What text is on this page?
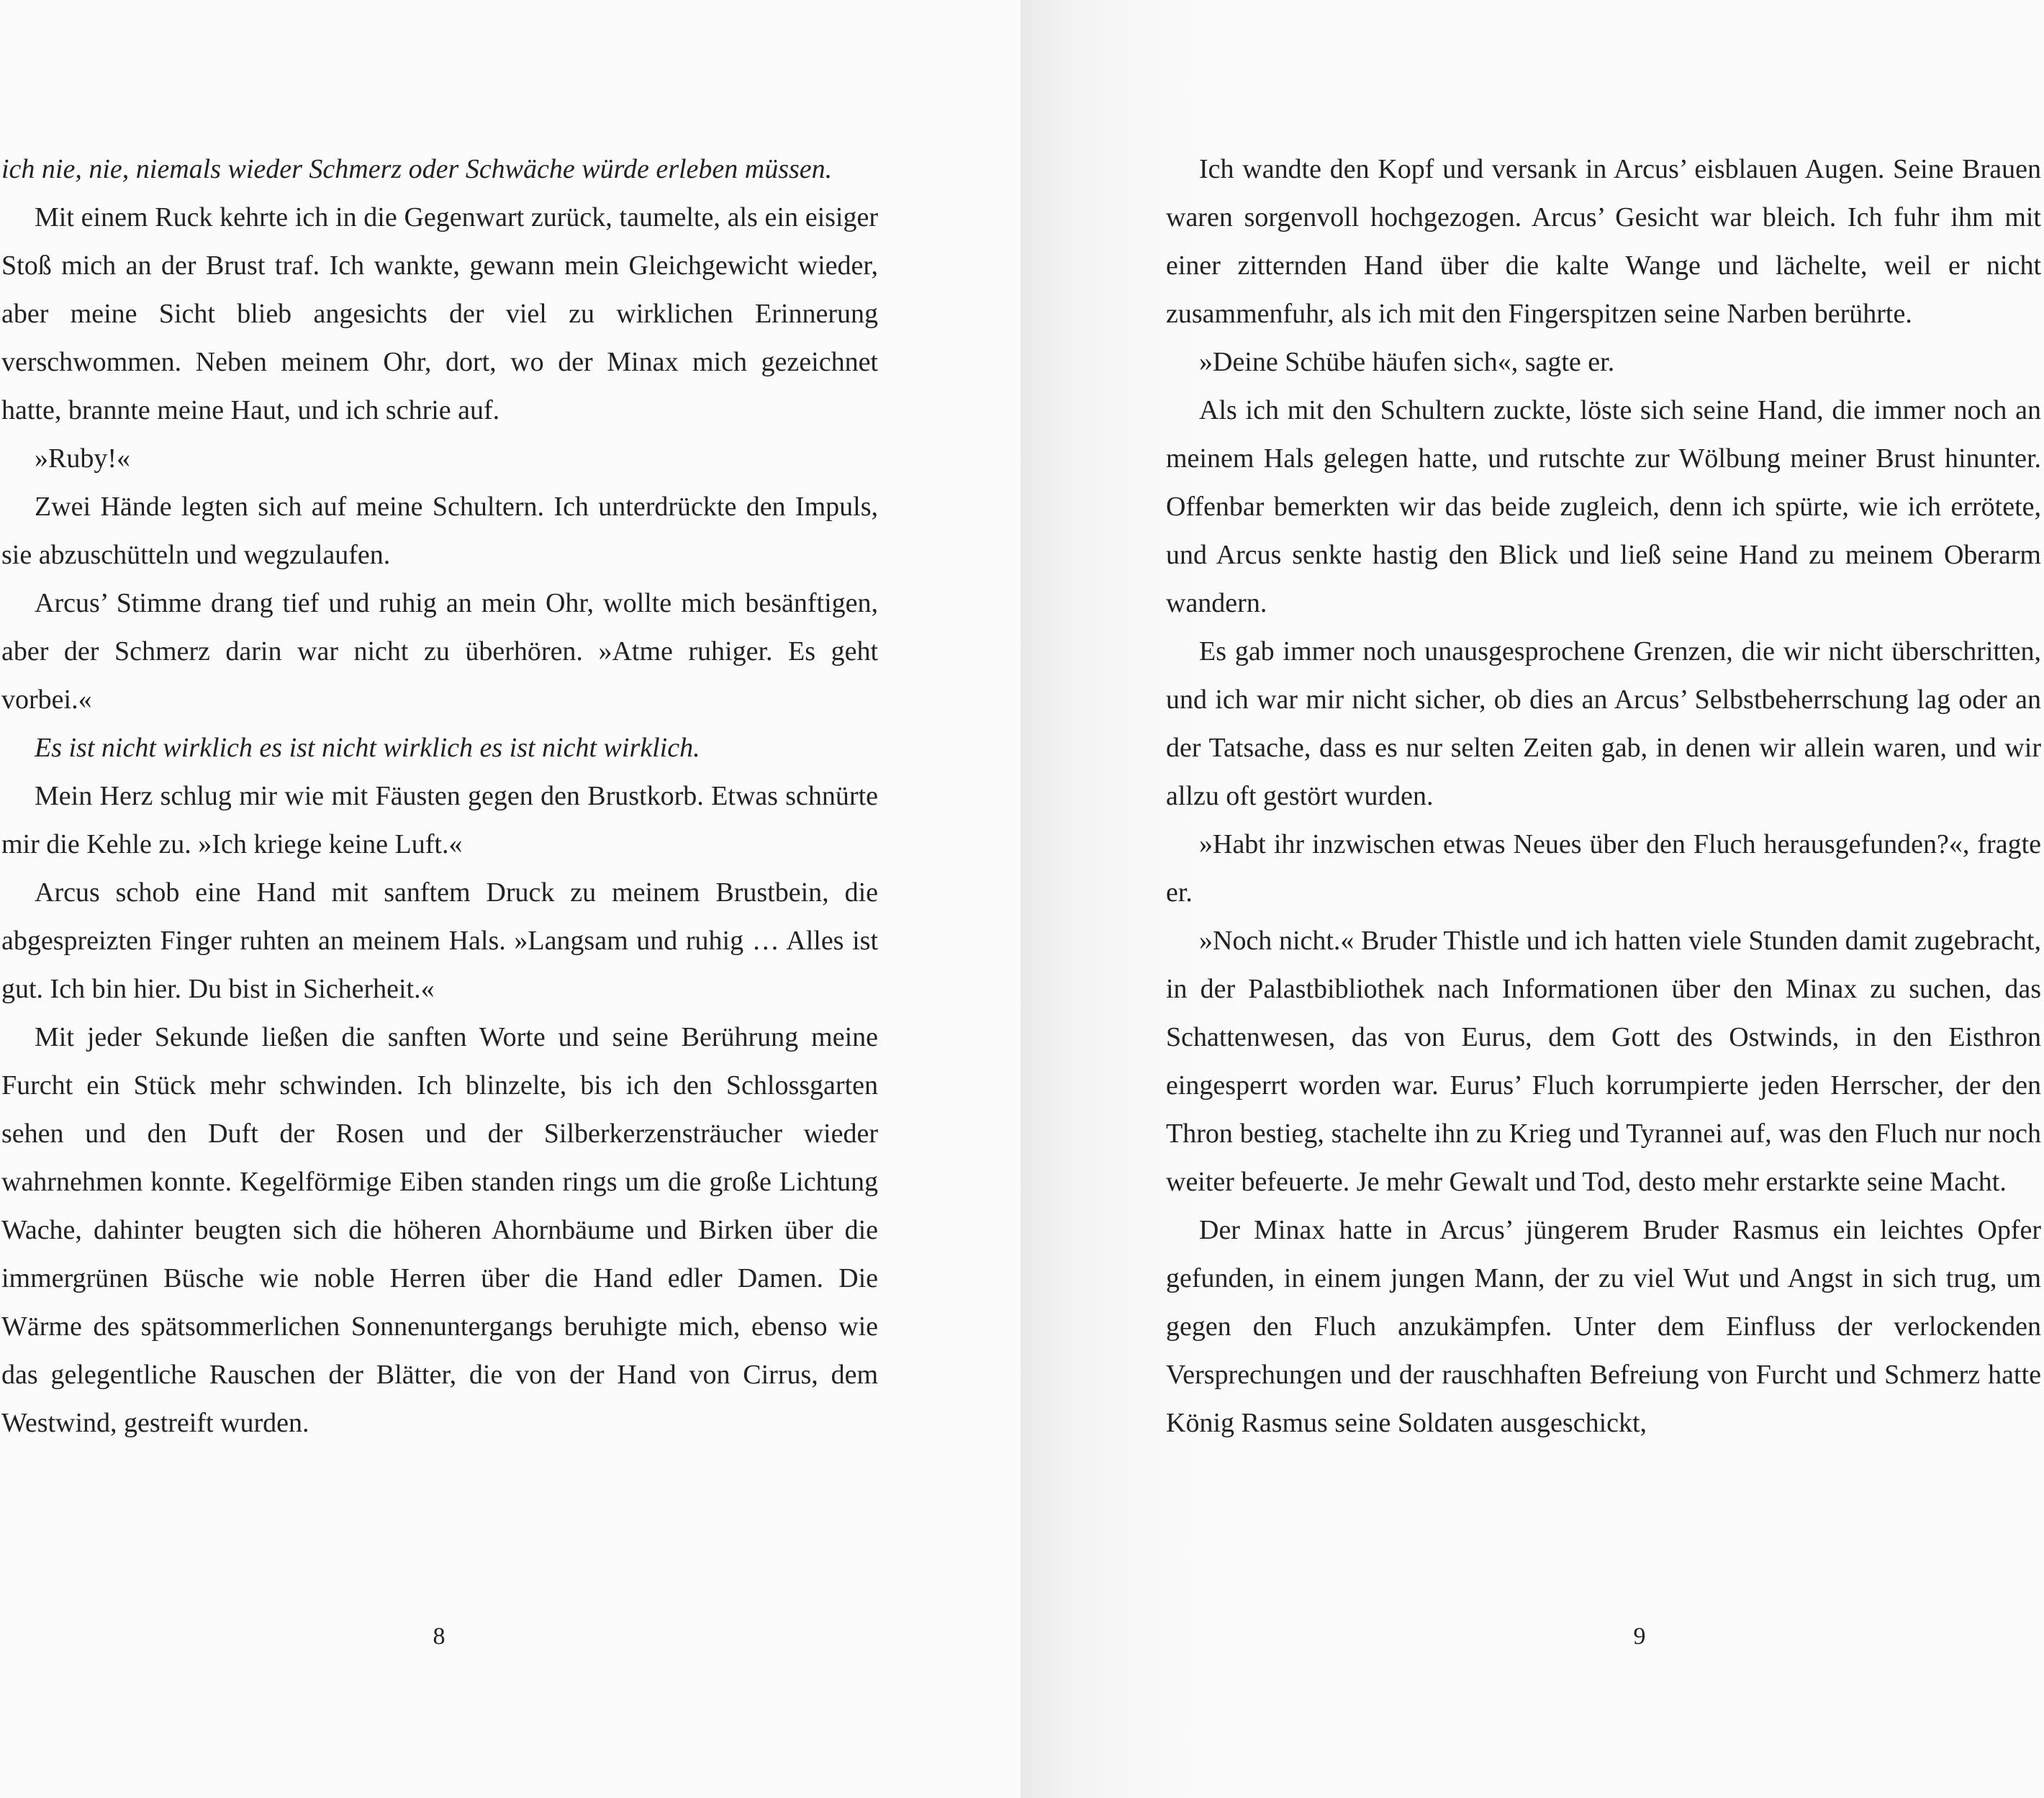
ich nie, nie, niemals wieder Schmerz oder Schwäche würde erleben müssen.

Mit einem Ruck kehrte ich in die Gegenwart zurück, taumelte, als ein eisiger Stoß mich an der Brust traf. Ich wankte, gewann mein Gleichgewicht wieder, aber meine Sicht blieb angesichts der viel zu wirklichen Erinnerung verschwommen. Neben meinem Ohr, dort, wo der Minax mich gezeichnet hatte, brannte meine Haut, und ich schrie auf.

»Ruby!«

Zwei Hände legten sich auf meine Schultern. Ich unterdrückte den Impuls, sie abzuschütteln und wegzulaufen.

Arcus’ Stimme drang tief und ruhig an mein Ohr, wollte mich besänftigen, aber der Schmerz darin war nicht zu überhören. »Atme ruhiger. Es geht vorbei.«

Es ist nicht wirklich es ist nicht wirklich es ist nicht wirklich.

Mein Herz schlug mir wie mit Fäusten gegen den Brustkorb. Etwas schnürte mir die Kehle zu. »Ich kriege keine Luft.«

Arcus schob eine Hand mit sanftem Druck zu meinem Brustbein, die abgespreizten Finger ruhten an meinem Hals. »Langsam und ruhig … Alles ist gut. Ich bin hier. Du bist in Sicherheit.«

Mit jeder Sekunde ließen die sanften Worte und seine Berührung meine Furcht ein Stück mehr schwinden. Ich blinzelte, bis ich den Schlossgarten sehen und den Duft der Rosen und der Silberkerzensträucher wieder wahrnehmen konnte. Kegelförmige Eiben standen rings um die große Lichtung Wache, dahinter beugten sich die höheren Ahornbäume und Birken über die immergrünen Büsche wie noble Herren über die Hand edler Damen. Die Wärme des spätsommerlichen Sonnenuntergangs beruhigte mich, ebenso wie das gelegentliche Rauschen der Blätter, die von der Hand von Cirrus, dem Westwind, gestreift wurden.

8

Ich wandte den Kopf und versank in Arcus’ eisblauen Augen. Seine Brauen waren sorgenvoll hochgezogen. Arcus’ Gesicht war bleich. Ich fuhr ihm mit einer zitternden Hand über die kalte Wange und lächelte, weil er nicht zusammenfuhr, als ich mit den Fingerspitzen seine Narben berührte.

»Deine Schübe häufen sich«, sagte er.

Als ich mit den Schultern zuckte, löste sich seine Hand, die immer noch an meinem Hals gelegen hatte, und rutschte zur Wölbung meiner Brust hinunter. Offenbar bemerkten wir das beide zugleich, denn ich spürte, wie ich errötete, und Arcus senkte hastig den Blick und ließ seine Hand zu meinem Oberarm wandern.

Es gab immer noch unausgesprochene Grenzen, die wir nicht überschritten, und ich war mir nicht sicher, ob dies an Arcus’ Selbstbeherrschung lag oder an der Tatsache, dass es nur selten Zeiten gab, in denen wir allein waren, und wir allzu oft gestört wurden.

»Habt ihr inzwischen etwas Neues über den Fluch herausgefunden?«, fragte er.

»Noch nicht.« Bruder Thistle und ich hatten viele Stunden damit zugebracht, in der Palastbibliothek nach Informationen über den Minax zu suchen, das Schattenwesen, das von Eurus, dem Gott des Ostwinds, in den Eisthron eingesperrt worden war. Eurus’ Fluch korrumpierte jeden Herrscher, der den Thron bestieg, stachelte ihn zu Krieg und Tyrannei auf, was den Fluch nur noch weiter befeuerte. Je mehr Gewalt und Tod, desto mehr erstarkte seine Macht.

Der Minax hatte in Arcus’ jüngerem Bruder Rasmus ein leichtes Opfer gefunden, in einem jungen Mann, der zu viel Wut und Angst in sich trug, um gegen den Fluch anzukämpfen. Unter dem Einfluss der verlockenden Versprechungen und der rauschhaften Befreiung von Furcht und Schmerz hatte König Rasmus seine Soldaten ausgeschickt,

9
